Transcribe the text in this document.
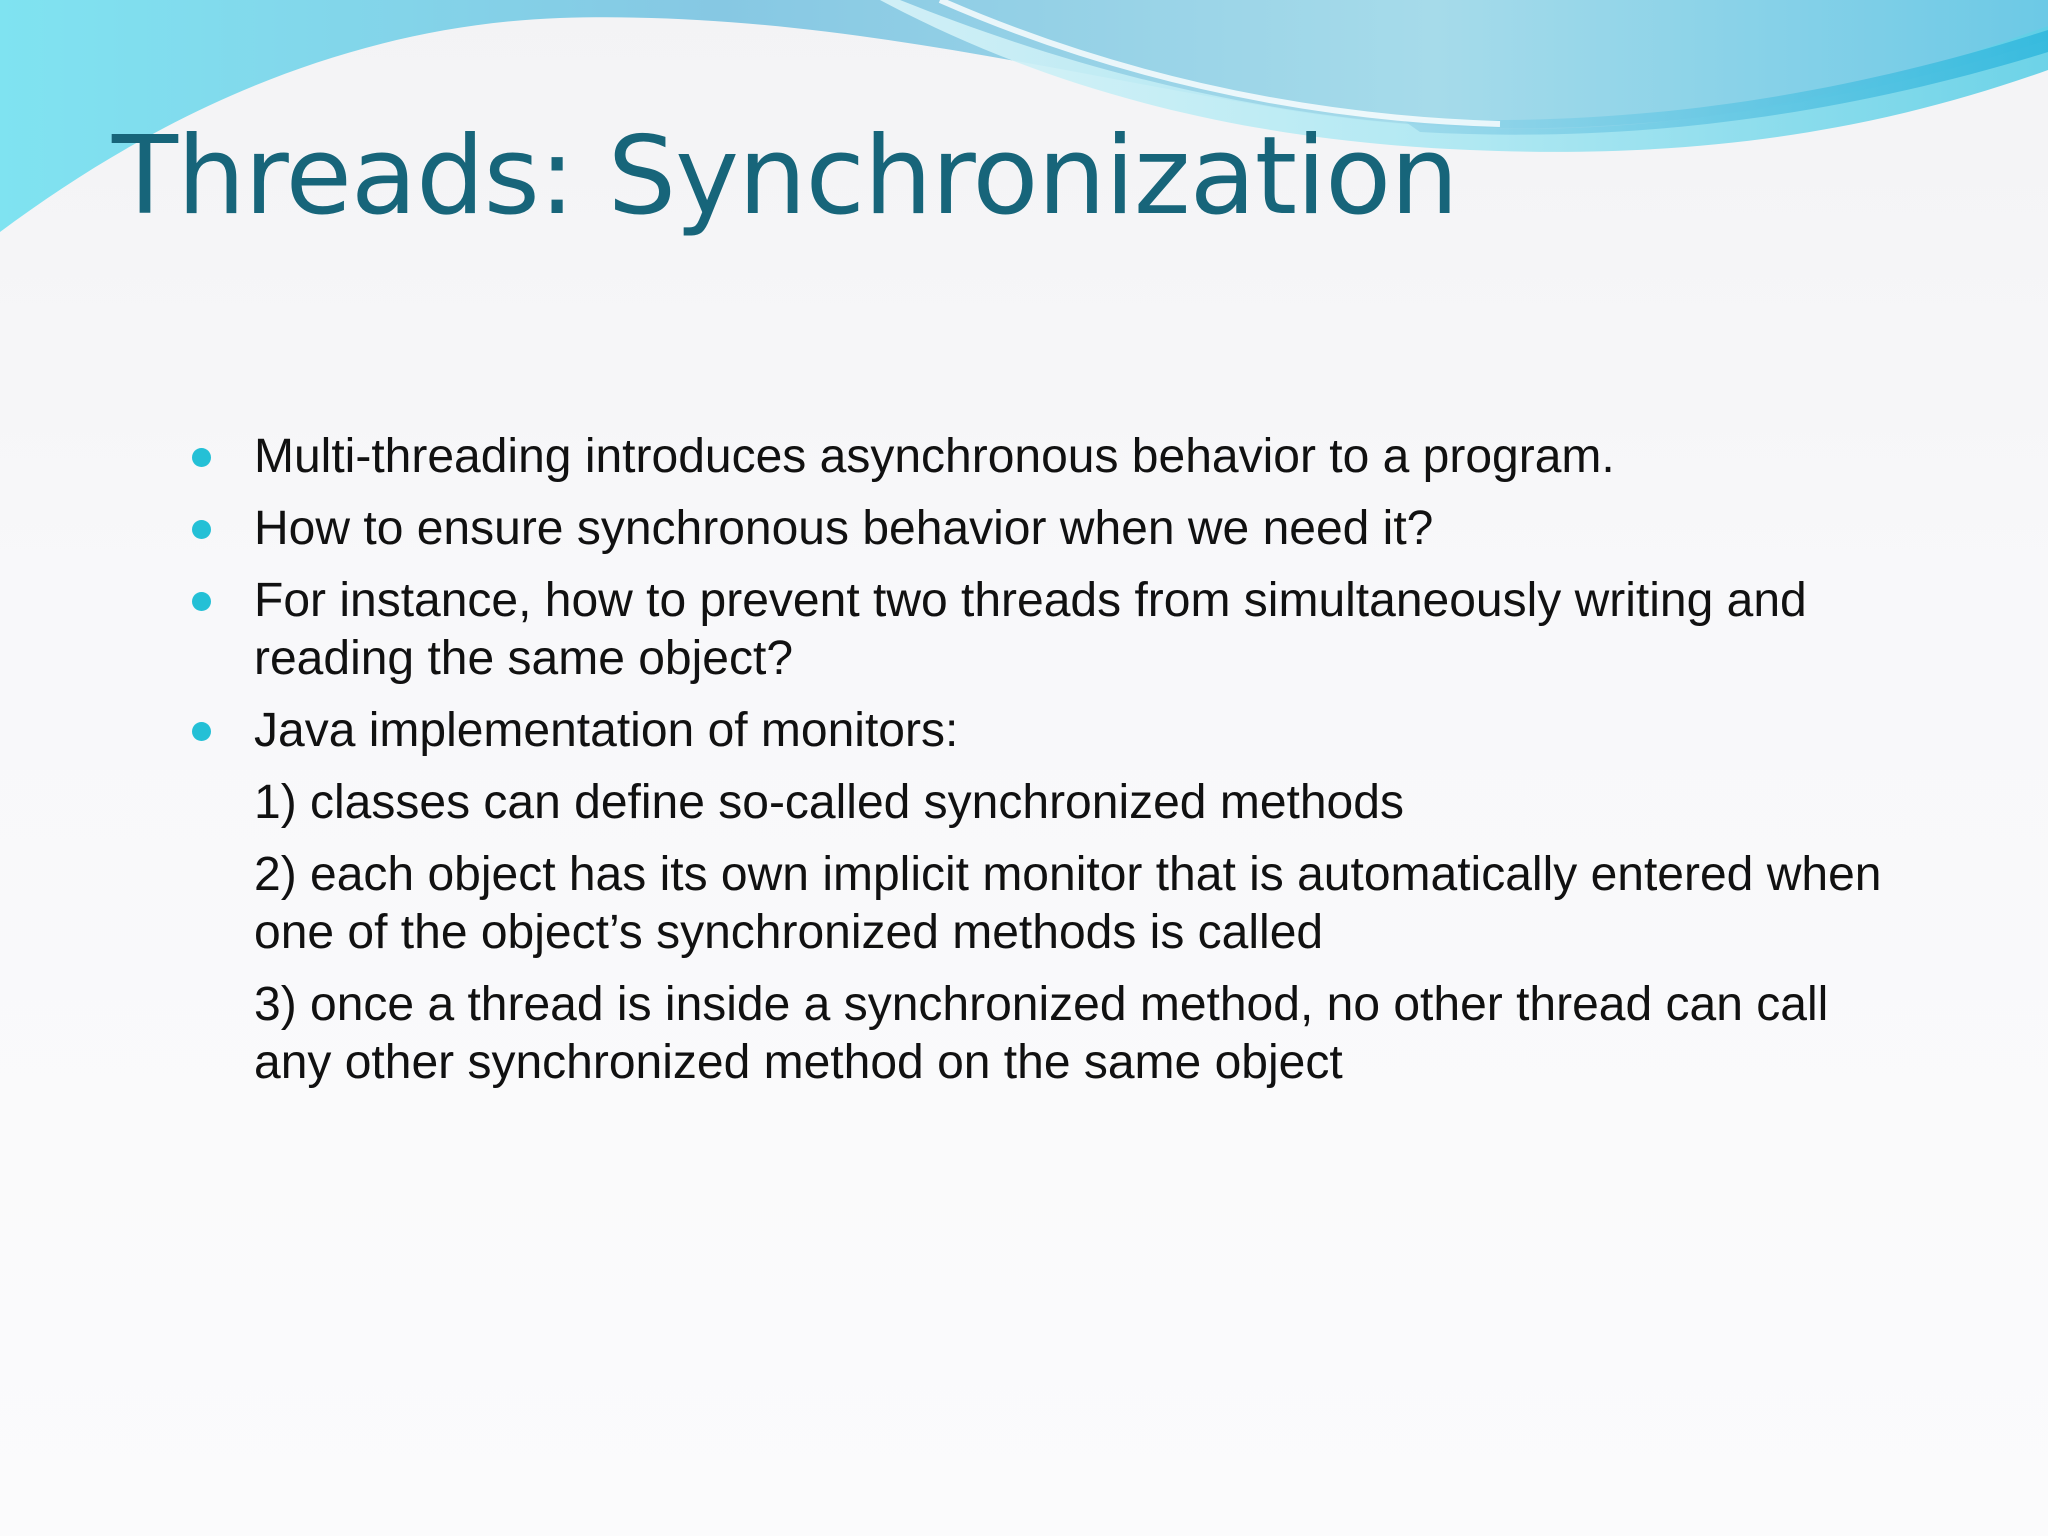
Threads: Synchronization
Multi-threading introduces asynchronous behavior to a program.
How to ensure synchronous behavior when we need it?
For instance, how to prevent two threads from simultaneously writing and reading the same object?
Java implementation of monitors:
1) classes can define so-called synchronized methods
2) each object has its own implicit monitor that is automatically entered when one of the object’s synchronized methods is called
3) once a thread is inside a synchronized method, no other thread can call any other synchronized method on the same object
